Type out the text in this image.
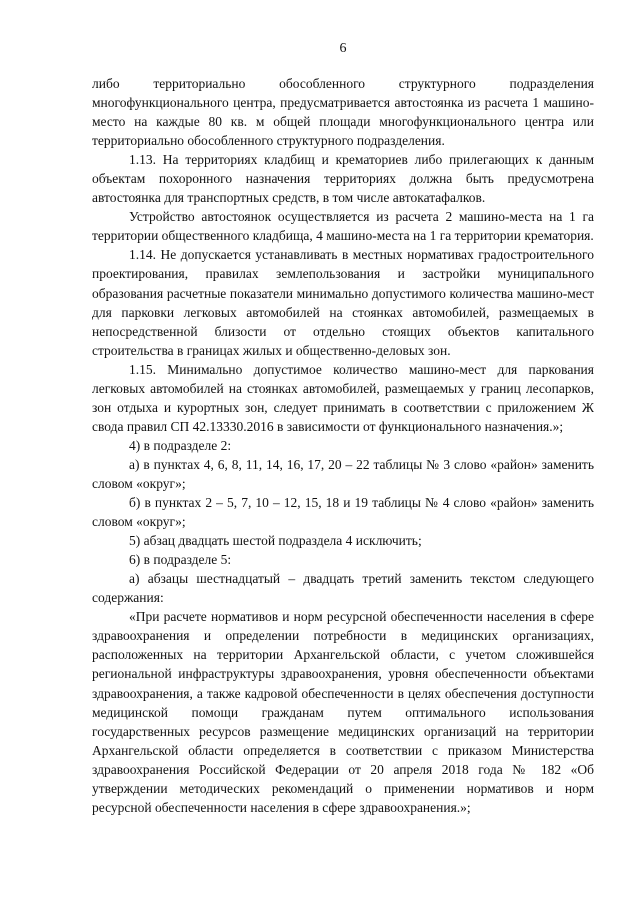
6

либо территориально обособленного структурного подразделения многофункционального центра, предусматривается автостоянка из расчета 1 машино-место на каждые 80 кв. м общей площади многофункционального центра или территориально обособленного структурного подразделения.

1.13. На территориях кладбищ и крематориев либо прилегающих к данным объектам похоронного назначения территориях должна быть предусмотрена автостоянка для транспортных средств, в том числе автокатафалков.

Устройство автостоянок осуществляется из расчета 2 машино-места на 1 га территории общественного кладбища, 4 машино-места на 1 га территории крематория.

1.14. Не допускается устанавливать в местных нормативах градостроительного проектирования, правилах землепользования и застройки муниципального образования расчетные показатели минимально допустимого количества машино-мест для парковки легковых автомобилей на стоянках автомобилей, размещаемых в непосредственной близости от отдельно стоящих объектов капитального строительства в границах жилых и общественно-деловых зон.

1.15. Минимально допустимое количество машино-мест для паркования легковых автомобилей на стоянках автомобилей, размещаемых у границ лесопарков, зон отдыха и курортных зон, следует принимать в соответствии с приложением Ж свода правил СП 42.13330.2016 в зависимости от функционального назначения.»;

4) в подразделе 2:

а) в пунктах 4, 6, 8, 11, 14, 16, 17, 20 – 22 таблицы № 3 слово «район» заменить словом «округ»;

б) в пунктах 2 – 5, 7, 10 – 12, 15, 18 и 19 таблицы № 4 слово «район» заменить словом «округ»;

5) абзац двадцать шестой подраздела 4 исключить;

6) в подразделе 5:

а) абзацы шестнадцатый – двадцать третий заменить текстом следующего содержания:

«При расчете нормативов и норм ресурсной обеспеченности населения в сфере здравоохранения и определении потребности в медицинских организациях, расположенных на территории Архангельской области, с учетом сложившейся региональной инфраструктуры здравоохранения, уровня обеспеченности объектами здравоохранения, а также кадровой обеспеченности в целях обеспечения доступности медицинской помощи гражданам путем оптимального использования государственных ресурсов размещение медицинских организаций на территории Архангельской области определяется в соответствии с приказом Министерства здравоохранения Российской Федерации от 20 апреля 2018 года № 182 «Об утверждении методических рекомендаций о применении нормативов и норм ресурсной обеспеченности населения в сфере здравоохранения.»;
